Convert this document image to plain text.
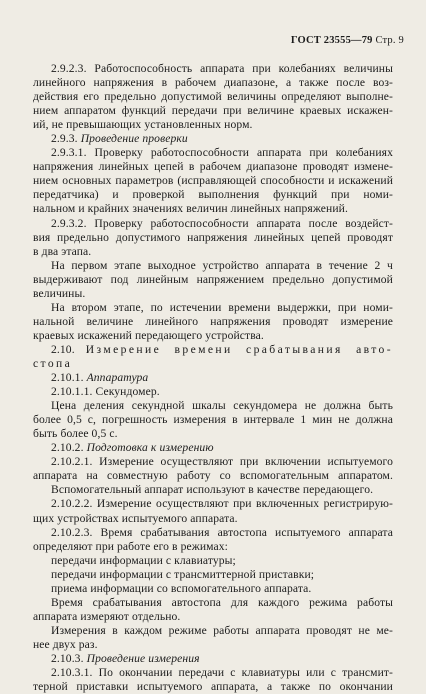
ГОСТ 23555—79 Стр. 9

2.9.2.3. Работоспособность аппарата при колебаниях величины

линейного напряжения в рабочем диапазоне, а также после воз-

действия его предельно допустимой величины определяют выполне-

нием аппаратом функций передачи при величине краевых искажен-

ий, не превышающих установленных норм.

2.9.3. Проведение проверки

2.9.3.1. Проверку работоспособности аппарата при колебаниях

напряжения линейных цепей в рабочем диапазоне проводят измене-

нием основных параметров (исправляющей способности и искажений

передатчика) и проверкой выполнения функций при номи-

нальном и крайних значениях величин линейных напряжений.

2.9.3.2. Проверку работоспособности аппарата после воздейст-

вия предельно допустимого напряжения линейных цепей проводят

в два этапа.

На первом этапе выходное устройство аппарата в течение 2 ч

выдерживают под линейным напряжением предельно допустимой

величины.

На втором этапе, по истечении времени выдержки, при номи-

нальной величине линейного напряжения проводят измерение

краевых искажений передающего устройства.

2.10. Измерение времени срабатывания авто-

стопа

2.10.1. Аппаратура

2.10.1.1. Секундомер.

Цена деления секундной шкалы секундомера не должна быть

более 0,5 с, погрешность измерения в интервале 1 мин не должна

быть более 0,5 с.

2.10.2. Подготовка к измерению

2.10.2.1. Измерение осуществляют при включении испытуемого

аппарата на совместную работу со вспомогательным аппаратом.

Вспомогательный аппарат используют в качестве передающего.

2.10.2.2. Измерение осуществляют при включенных регистрирую-

щих устройствах испытуемого аппарата.

2.10.2.3. Время срабатывания автостопа испытуемого аппарата

определяют при работе его в режимах:

передачи информации с клавиатуры;

передачи информации с трансмиттерной приставки;

приема информации со вспомогательного аппарата.

Время срабатывания автостопа для каждого режима работы

аппарата измеряют отдельно.

Измерения в каждом режиме работы аппарата проводят не ме-

нее двух раз.

2.10.3. Проведение измерения

2.10.3.1. По окончании передачи с клавиатуры или с трансмит-

терной приставки испытуемого аппарата, а также по окончании
